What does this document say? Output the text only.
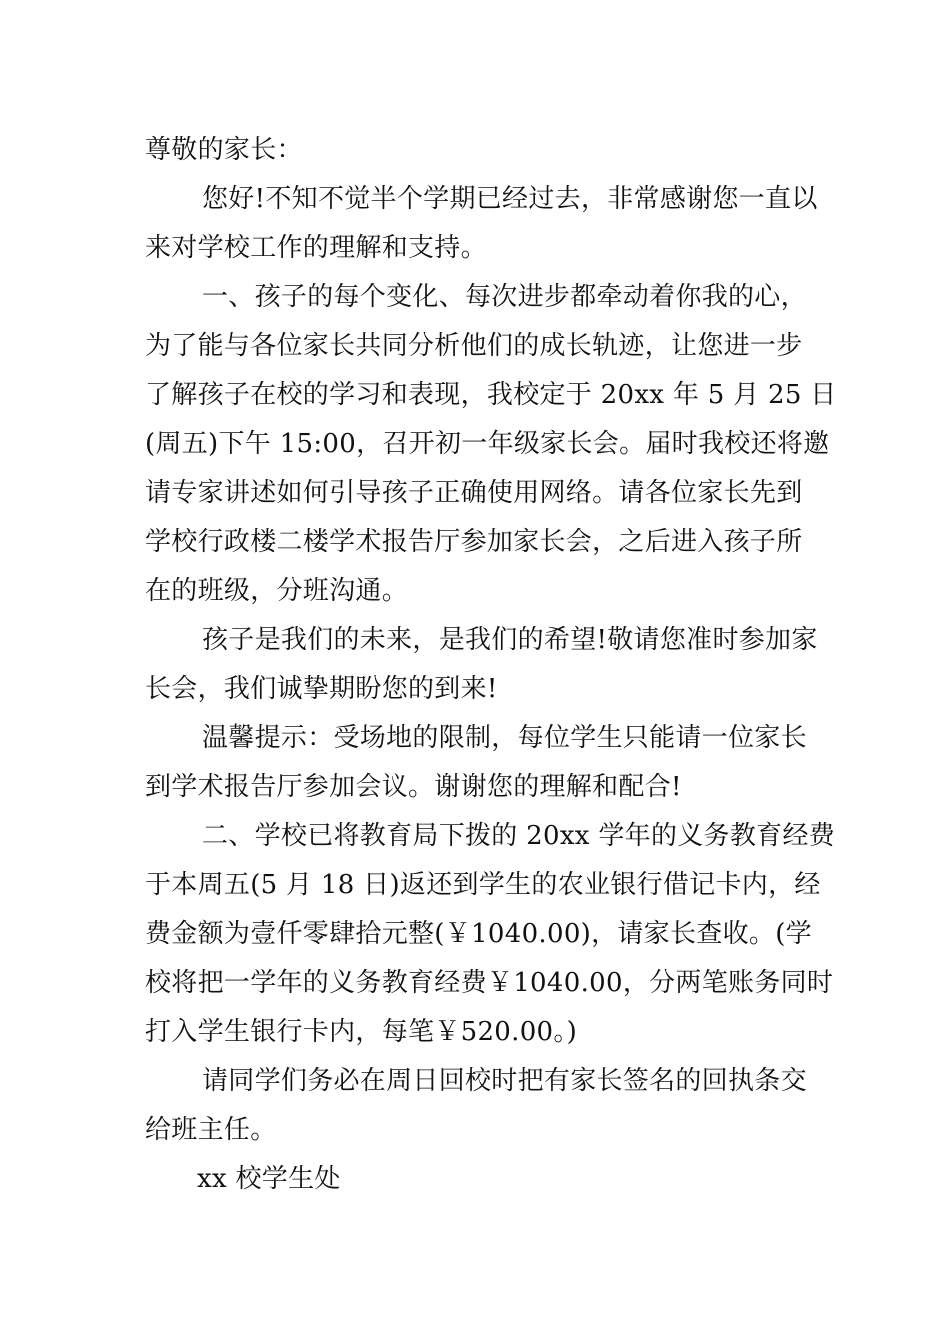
尊敬的家长：
您好!不知不觉半个学期已经过去，非常感谢您一直以
来对学校工作的理解和支持。
一、孩子的每个变化、每次进步都牵动着你我的心，
为了能与各位家长共同分析他们的成长轨迹，让您进一步
了解孩子在校的学习和表现，我校定于 20xx 年 5 月 25 日
(周五)下午 15:00，召开初一年级家长会。届时我校还将邀
请专家讲述如何引导孩子正确使用网络。请各位家长先到
学校行政楼二楼学术报告厅参加家长会，之后进入孩子所
在的班级，分班沟通。
孩子是我们的未来，是我们的希望!敬请您准时参加家
长会，我们诚挚期盼您的到来!
温馨提示：受场地的限制，每位学生只能请一位家长
到学术报告厅参加会议。谢谢您的理解和配合!
二、学校已将教育局下拨的 20xx 学年的义务教育经费
于本周五(5 月 18 日)返还到学生的农业银行借记卡内，经
费金额为壹仟零肆拾元整(￥1040.00)，请家长查收。(学
校将把一学年的义务教育经费￥1040.00，分两笔账务同时
打入学生银行卡内，每笔￥520.00。)
请同学们务必在周日回校时把有家长签名的回执条交
给班主任。
xx 校学生处
